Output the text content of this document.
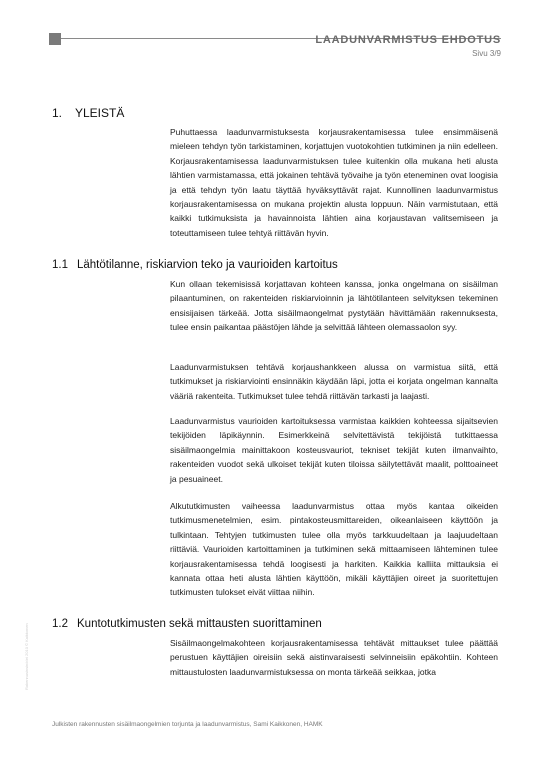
LAADUNVARMISTUS EHDOTUS
Sivu 3/9
1. YLEISTÄ

Puhuttaessa laadunvarmistuksesta korjausrakentamisessa tulee ensimmäisenä mieleen tehdyn työn tarkistaminen, korjattujen vuotokohtien tutkiminen ja niin edelleen. Korjausrakentamisessa laadunvarmistuksen tulee kuitenkin olla mukana heti alusta lähtien varmistamassa, että jokainen tehtävä työvaihe ja työn eteneminen ovat loogisia ja että tehdyn työn laatu täyttää hyväksyttävät rajat. Kunnollinen laadunvarmistus korjausrakentamisessa on mukana projektin alusta loppuun. Näin varmistutaan, että kaikki tutkimuksista ja havainnoista lähtien aina korjaustavan valitsemiseen ja toteuttamiseen tulee tehtyä riittävän hyvin.

1.1 Lähtötilanne, riskiarvion teko ja vaurioiden kartoitus

Kun ollaan tekemisissä korjattavan kohteen kanssa, jonka ongelmana on sisäilman pilaantuminen, on rakenteiden riskiarvioinnin ja lähtötilanteen selvityksen tekeminen ensisijaisen tärkeää. Jotta sisäilmaongelmat pystytään hävittämään rakennuksesta, tulee ensin paikantaa päästöjen lähde ja selvittää lähteen olemassaolon syy.

Laadunvarmistuksen tehtävä korjaushankkeen alussa on varmistua siitä, että tutkimukset ja riskiarviointi ensinnäkin käydään läpi, jotta ei korjata ongelman kannalta vääriä rakenteita. Tutkimukset tulee tehdä riittävän tarkasti ja laajasti.

Laadunvarmistus vaurioiden kartoituksessa varmistaa kaikkien kohteessa sijaitsevien tekijöiden läpikäynnin. Esimerkkeinä selvitettävistä tekijöistä tutkittaessa sisäilmaongelmia mainittakoon kosteusvauriot, tekniset tekijät kuten ilmanvaihto, rakenteiden vuodot sekä ulkoiset tekijät kuten tiloissa säilytettävät maalit, polttoaineet ja pesuaineet.

Alkututkimusten vaiheessa laadunvarmistus ottaa myös kantaa oikeiden tutkimusmenetelmien, esim. pintakosteusmittareiden, oikeanlaiseen käyttöön ja tulkintaan. Tehtyjen tutkimusten tulee olla myös tarkkuudeltaan ja laajuudeltaan riittäviä. Vaurioiden kartoittaminen ja tutkiminen sekä mittaamiseen lähteminen tulee korjausrakentamisessa tehdä loogisesti ja harkiten. Kaikkia kalliita mittauksia ei kannata ottaa heti alusta lähtien käyttöön, mikäli käyttäjien oireet ja suoritettujen tutkimusten tulokset eivät viittaa niihin.

1.2 Kuntotutkimusten sekä mittausten suorittaminen

Sisäilmaongelmakohteen korjausrakentamisessa tehtävät mittaukset tulee päättää perustuen käyttäjien oireisiin sekä aistinvaraisesti selvinneisiin epäkohtiin. Kohteen mittaustulosten laadunvarmistuksessa on monta tärkeää seikkaa, jotka

Rakennusinsinööri 2010 © Kaikkonen
Julkisten rakennusten sisäilmaongelmien torjunta ja laadunvarmistus, Sami Kaikkonen, HAMK
